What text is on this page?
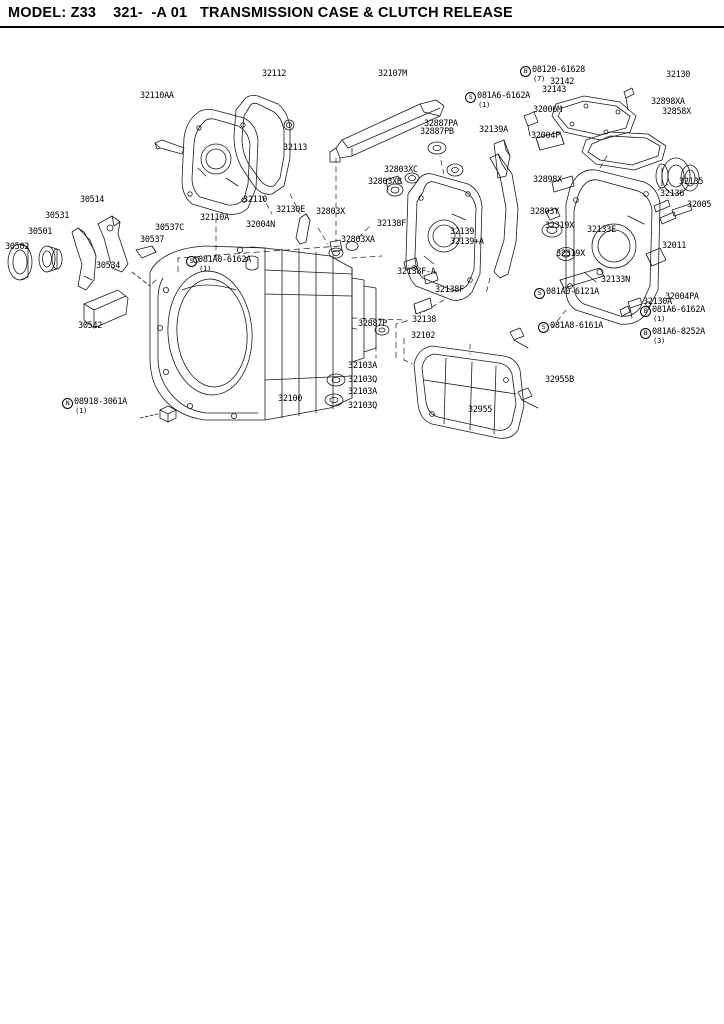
MODEL: Z33    321-  -A 01   TRANSMISSION CASE & CLUTCH RELEASE
32110AA
32112	32107M
32113
32110
32110A
30514
30531
30501
30502
30537C
30537
30534
30542
32130E
32004N
32803X
32803XA
32803XB
32803XC
32887PA
32887PB
32138F
32138F-A
32138F
32138
32102
32887P
32103A
32103Q
32103A
32103Q
32100
32139A
32004P
32006M
32143
32142
32130
32898XA
32858X
32898X
32803Y
32139
32139+A
32319X
32319X
32133E
32133N
32135
32136
32005
32011
32004PA
32130A
32955B
32955
S 081A6-6162A
(1)
B 08120-61628
(7)
S 081A0-6162A
(1)
S 081A0-6121A
B 081A6-6162A
(1)
B 081A6-8252A
(3)
S 081A8-6161A
N 08918-3061A
(1)
